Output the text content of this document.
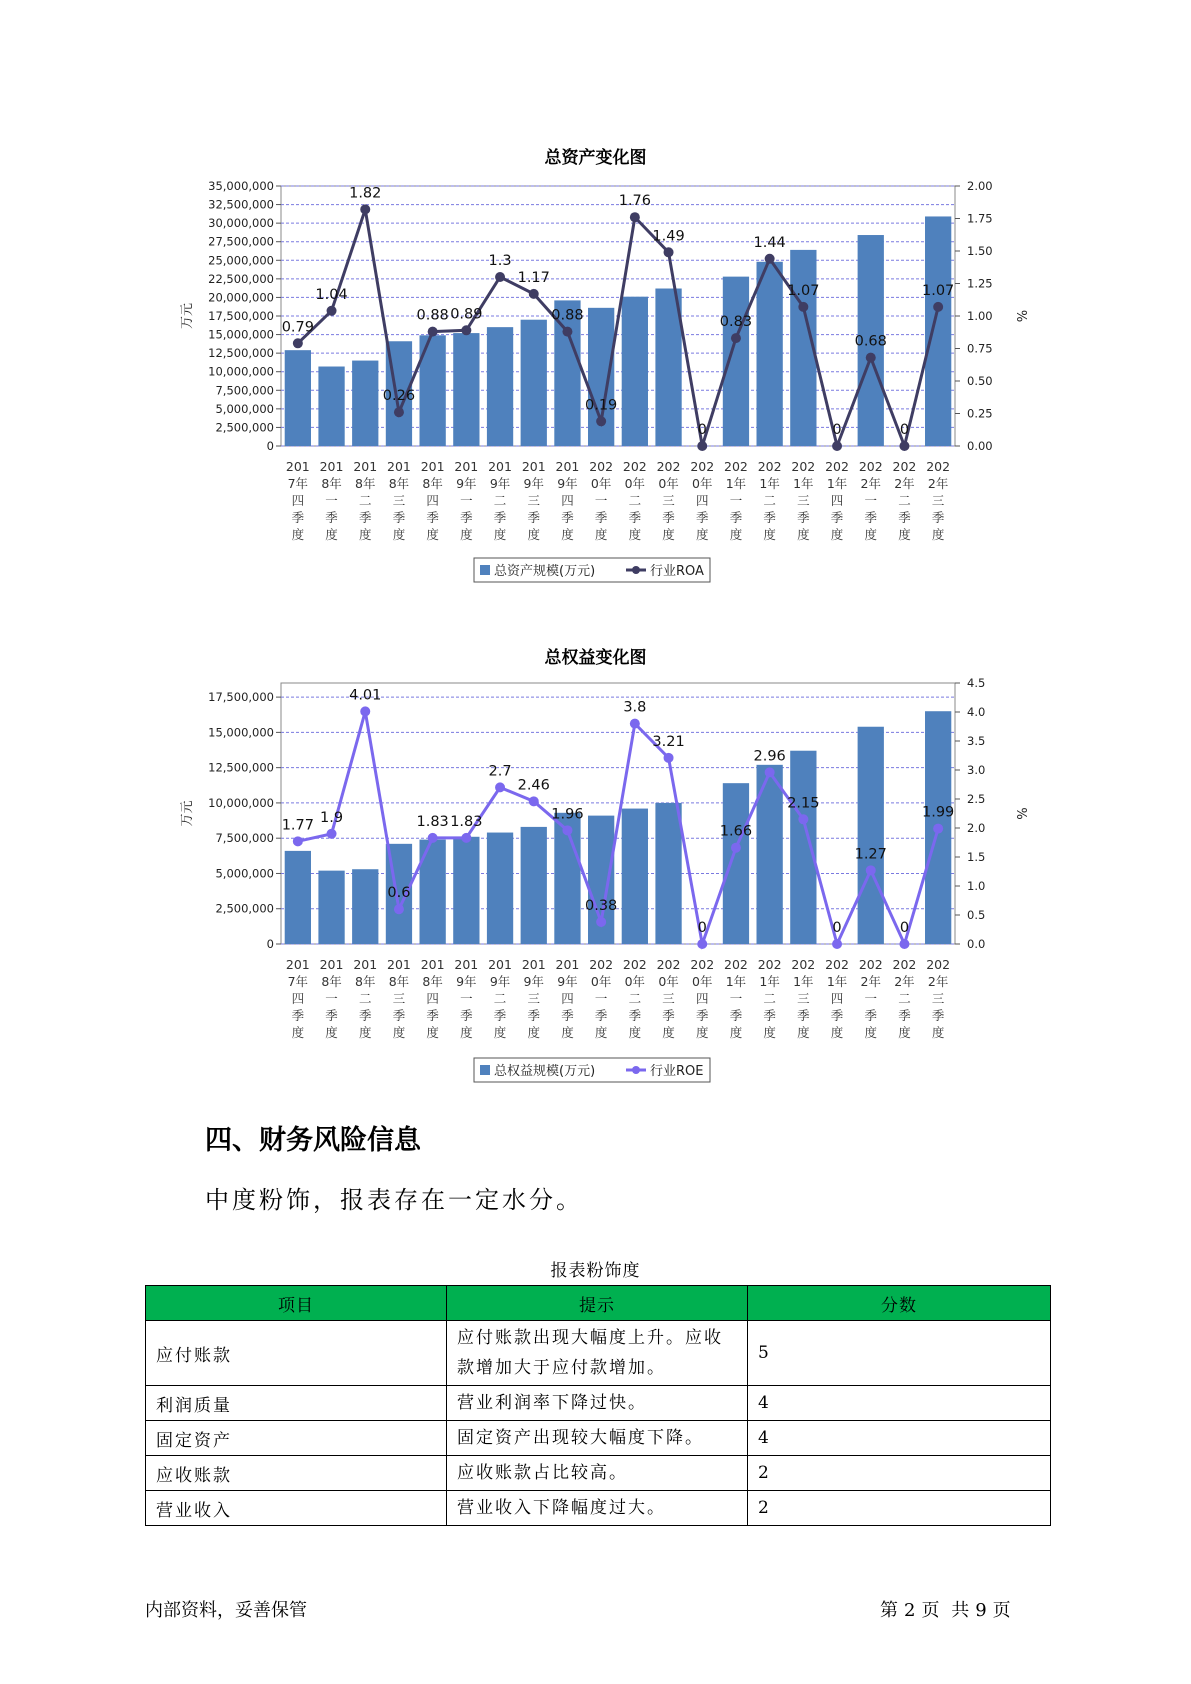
总资产变化图
0
2,500,000
5,000,000
7,500,000
10,000,000
12,500,000
15,000,000
17,500,000
20,000,000
22,500,000
25,000,000
27,500,000
30,000,000
32,500,000
35,000,000
0.00
0.25
0.50
0.75
1.00
1.25
1.50
1.75
2.00
万元	%
0.79
1.04
1.82
0.26
0.88 0.89
1.3
1.17
0.88
0.19
1.76
1.49
0
0.83
1.44
1.07
0
0.68
0
1.07
201
7年
四
季
度
201
8年
一
季
度
201
8年
二
季
度
201
8年
三
季
度
201
8年
四
季
度
201
9年
一
季
度
201
9年
二
季
度
201
9年
三
季
度
201
9年
四
季
度
202
0年
一
季
度
202
0年
二
季
度
202
0年
三
季
度
202
0年
四
季
度
202
1年
一
季
度
202
1年
二
季
度
202
1年
三
季
度
202
1年
四
季
度
202
2年
一
季
度
202
2年
二
季
度
202
2年
三
季
度
总资产规模(万元)	行业ROA
总权益变化图
0
2,500,000
5,000,000
7,500,000
10,000,000
12,500,000
15,000,000
17,500,000
0.0
0.5
1.0
1.5
2.0
2.5
3.0
3.5
4.0
4.5
万元	%
1.77 1.9
4.01
0.6
1.83 1.83
2.7
2.46
1.96
0.38
3.8
3.21
0
1.66
2.96
2.15
0
1.27
0
1.99
201
7年
四
季
度
201
8年
一
季
度
201
8年
二
季
度
201
8年
三
季
度
201
8年
四
季
度
201
9年
一
季
度
201
9年
二
季
度
201
9年
三
季
度
201
9年
四
季
度
202
0年
一
季
度
202
0年
二
季
度
202
0年
三
季
度
202
0年
四
季
度
202
1年
一
季
度
202
1年
二
季
度
202
1年
三
季
度
202
1年
四
季
度
202
2年
一
季
度
202
2年
二
季
度
202
2年
三
季
度
总权益规模(万元)	行业ROE
四、财务风险信息
中度粉饰，报表存在一定水分。
报表粉饰度
项目	提示	分数
应付账款	应付账款出现大幅度上升。应收款增加大于应付款增加。	5
利润质量	营业利润率下降过快。	4
固定资产	固定资产出现较大幅度下降。	4
应收账款	应收账款占比较高。	2
营业收入	营业收入下降幅度过大。	2
内部资料，妥善保管	第 2 页 共 9 页
